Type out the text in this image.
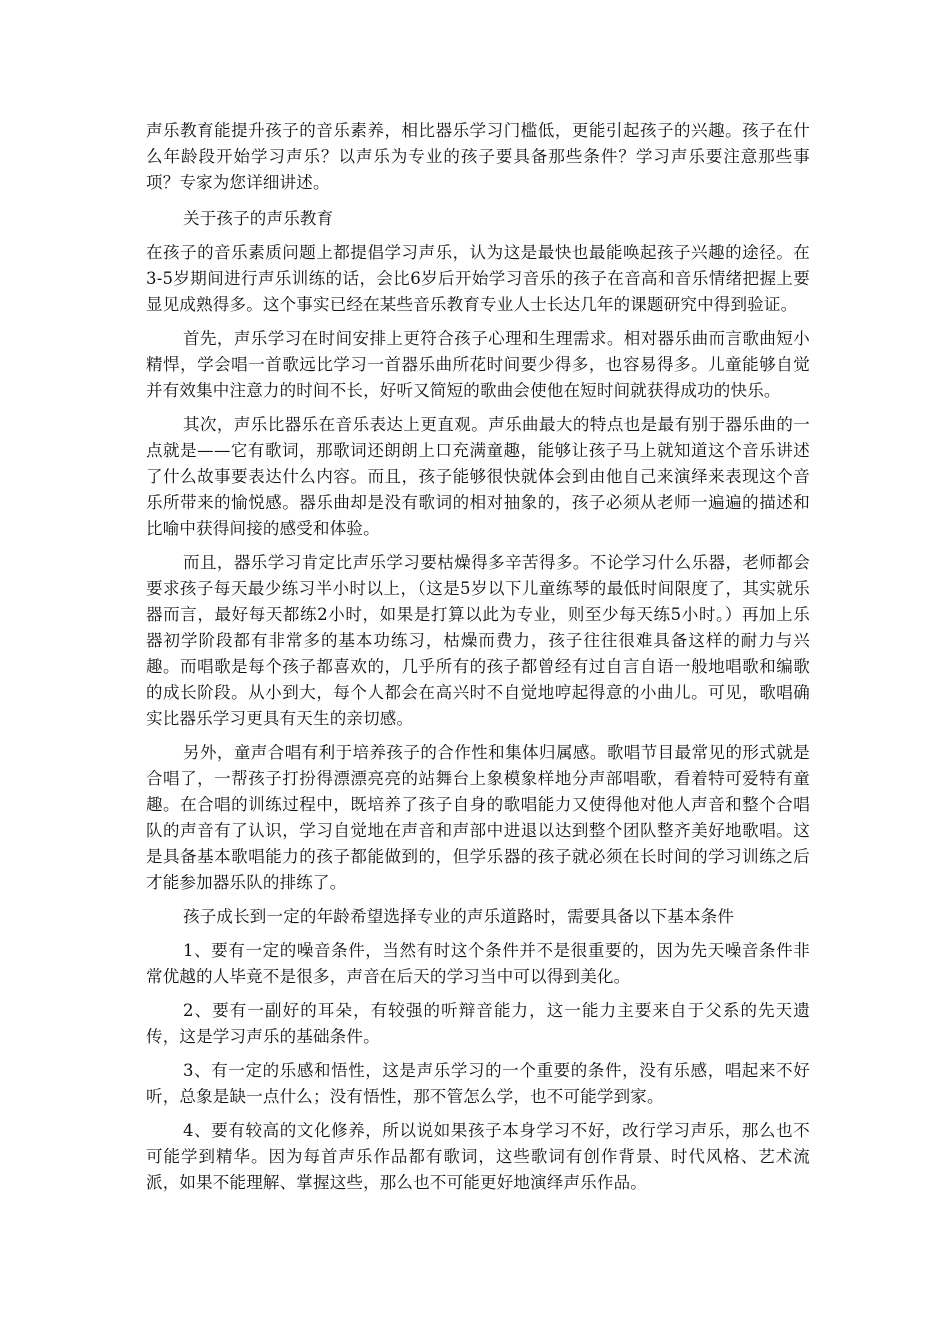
声乐教育能提升孩子的音乐素养，相比器乐学习门槛低，更能引起孩子的兴趣。孩子在什么年龄段开始学习声乐？以声乐为专业的孩子要具备那些条件？学习声乐要注意那些事项？专家为您详细讲述。

关于孩子的声乐教育

在孩子的音乐素质问题上都提倡学习声乐，认为这是最快也最能唤起孩子兴趣的途径。在3-5岁期间进行声乐训练的话，会比6岁后开始学习音乐的孩子在音高和音乐情绪把握上要显见成熟得多。这个事实已经在某些音乐教育专业人士长达几年的课题研究中得到验证。

首先，声乐学习在时间安排上更符合孩子心理和生理需求。相对器乐曲而言歌曲短小精悍，学会唱一首歌远比学习一首器乐曲所花时间要少得多，也容易得多。儿童能够自觉并有效集中注意力的时间不长，好听又简短的歌曲会使他在短时间就获得成功的快乐。

其次，声乐比器乐在音乐表达上更直观。声乐曲最大的特点也是最有别于器乐曲的一点就是——它有歌词，那歌词还朗朗上口充满童趣，能够让孩子马上就知道这个音乐讲述了什么故事要表达什么内容。而且，孩子能够很快就体会到由他自己来演绎来表现这个音乐所带来的愉悦感。器乐曲却是没有歌词的相对抽象的，孩子必须从老师一遍遍的描述和比喻中获得间接的感受和体验。

而且，器乐学习肯定比声乐学习要枯燥得多辛苦得多。不论学习什么乐器，老师都会要求孩子每天最少练习半小时以上，（这是5岁以下儿童练琴的最低时间限度了，其实就乐器而言，最好每天都练2小时，如果是打算以此为专业，则至少每天练5小时。）再加上乐器初学阶段都有非常多的基本功练习，枯燥而费力，孩子往往很难具备这样的耐力与兴趣。而唱歌是每个孩子都喜欢的，几乎所有的孩子都曾经有过自言自语一般地唱歌和编歌的成长阶段。从小到大，每个人都会在高兴时不自觉地哼起得意的小曲儿。可见，歌唱确实比器乐学习更具有天生的亲切感。

另外，童声合唱有利于培养孩子的合作性和集体归属感。歌唱节目最常见的形式就是合唱了，一帮孩子打扮得漂漂亮亮的站舞台上象模象样地分声部唱歌，看着特可爱特有童趣。在合唱的训练过程中，既培养了孩子自身的歌唱能力又使得他对他人声音和整个合唱队的声音有了认识，学习自觉地在声音和声部中进退以达到整个团队整齐美好地歌唱。这是具备基本歌唱能力的孩子都能做到的，但学乐器的孩子就必须在长时间的学习训练之后才能参加器乐队的排练了。

孩子成长到一定的年龄希望选择专业的声乐道路时，需要具备以下基本条件

1、要有一定的噪音条件，当然有时这个条件并不是很重要的，因为先天噪音条件非常优越的人毕竟不是很多，声音在后天的学习当中可以得到美化。

2、要有一副好的耳朵，有较强的听辩音能力，这一能力主要来自于父系的先天遗传，这是学习声乐的基础条件。

3、有一定的乐感和悟性，这是声乐学习的一个重要的条件，没有乐感，唱起来不好听，总象是缺一点什么；没有悟性，那不管怎么学，也不可能学到家。

4、要有较高的文化修养，所以说如果孩子本身学习不好，改行学习声乐，那么也不可能学到精华。因为每首声乐作品都有歌词，这些歌词有创作背景、时代风格、艺术流派，如果不能理解、掌握这些，那么也不可能更好地演绎声乐作品。
